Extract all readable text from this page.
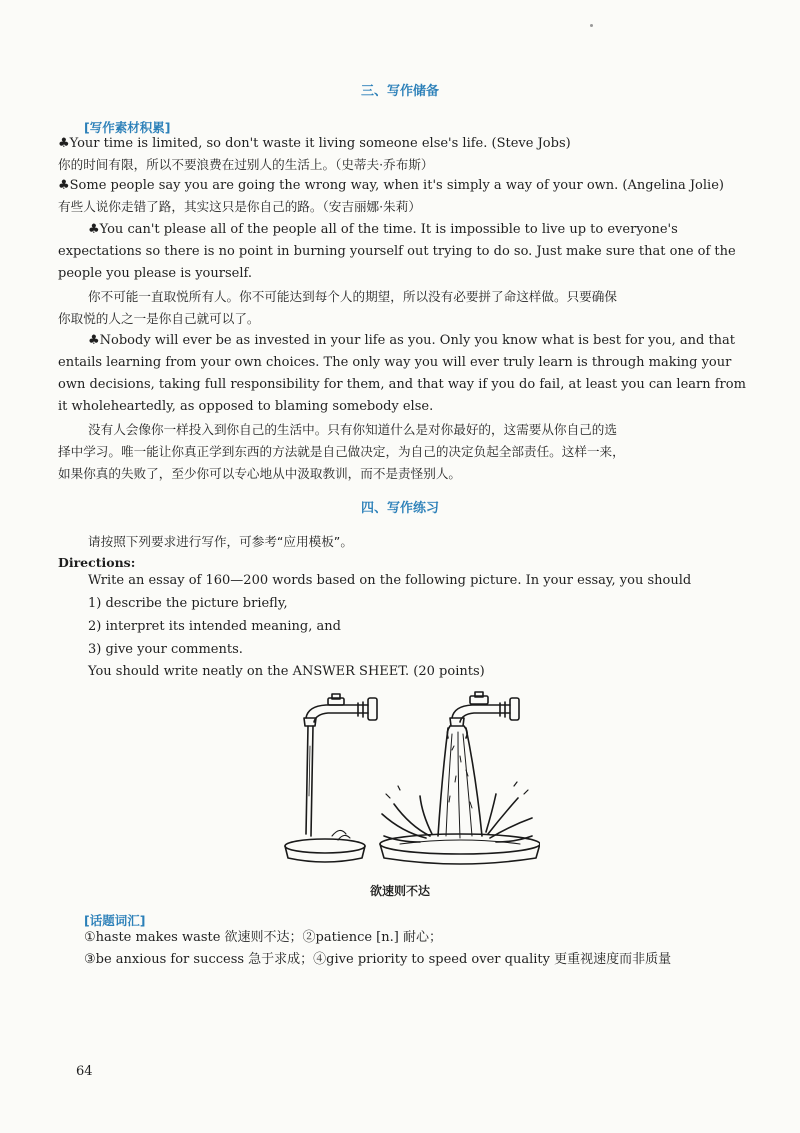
三、写作储备
[写作素材积累]
♣Your time is limited, so don't waste it living someone else's life. (Steve Jobs)
你的时间有限，所以不要浪费在过别人的生活上。（史蒂夫·乔布斯）
♣Some people say you are going the wrong way, when it's simply a way of your own. (Angelina Jolie)
有些人说你走错了路，其实这只是你自己的路。（安吉丽娜·朱莉）
♣You can't please all of the people all of the time. It is impossible to live up to everyone's
expectations so there is no point in burning yourself out trying to do so. Just make sure that one of the
people you please is yourself.
你不可能一直取悦所有人。你不可能达到每个人的期望，所以没有必要拼了命这样做。只要确保
你取悦的人之一是你自己就可以了。
♣Nobody will ever be as invested in your life as you. Only you know what is best for you, and that
entails learning from your own choices. The only way you will ever truly learn is through making your
own decisions, taking full responsibility for them, and that way if you do fail, at least you can learn from
it wholeheartedly, as opposed to blaming somebody else.
没有人会像你一样投入到你自己的生活中。只有你知道什么是对你最好的，这需要从你自己的选
择中学习。唯一能让你真正学到东西的方法就是自己做决定，为自己的决定负起全部责任。这样一来，
如果你真的失败了，至少你可以专心地从中汲取教训，而不是责怪别人。
四、写作练习
请按照下列要求进行写作，可参考“应用模板”。
Directions:
Write an essay of 160—200 words based on the following picture. In your essay, you should
1) describe the picture briefly,
2) interpret its intended meaning, and
3) give your comments.
You should write neatly on the ANSWER SHEET. (20 points)
欲速则不达
[话题词汇]
①haste makes waste 欲速则不达；②patience [n.] 耐心；
③be anxious for success 急于求成；④give priority to speed over quality 更重视速度而非质量
64
